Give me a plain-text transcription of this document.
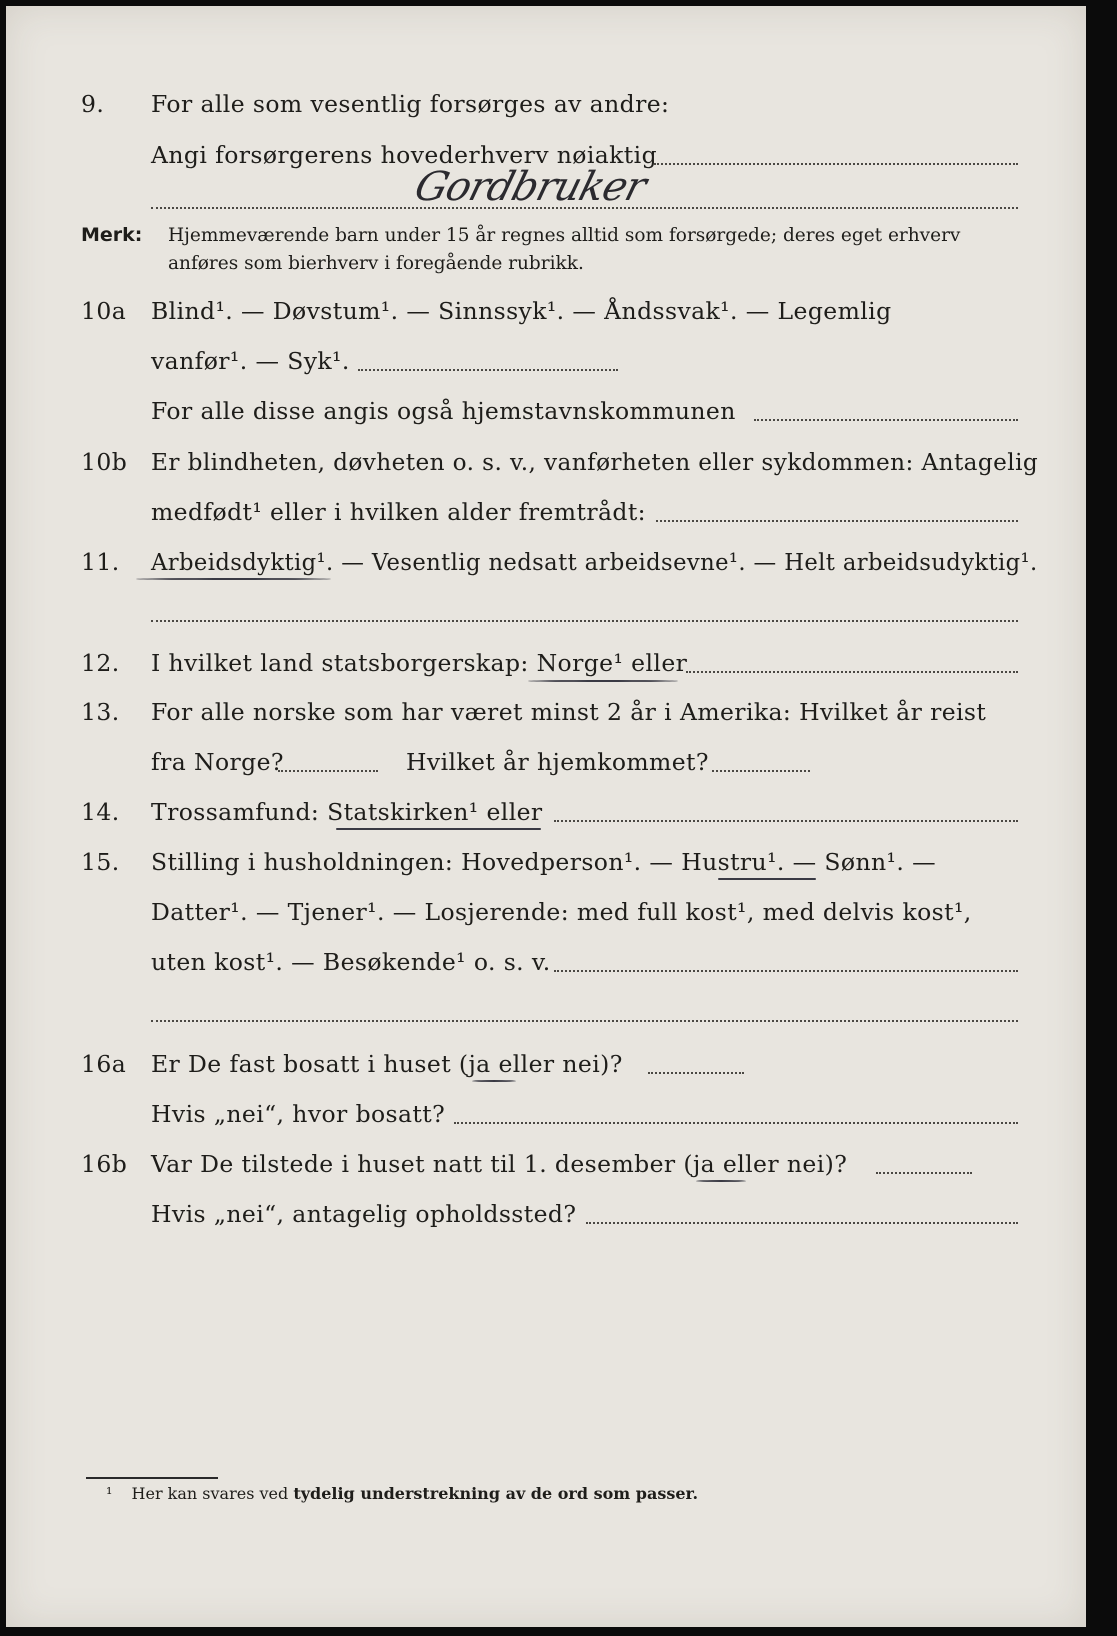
9. For alle som vesentlig forsørges av andre:
Angi forsørgerens hovederhverv nøiaktig
Gordbruker
Merk: Hjemmeværende barn under 15 år regnes alltid som forsørgede; deres eget erhverv
anføres som bierhverv i foregående rubrikk.
10a Blind¹. — Døvstum¹. — Sinnssyk¹. — Åndssvak¹. — Legemlig
vanfør¹. — Syk¹.
For alle disse angis også hjemstavnskommunen
10b Er blindheten, døvheten o. s. v., vanførheten eller sykdommen: Antagelig
medfødt¹ eller i hvilken alder fremtrådt:
11. Arbeidsdyktig¹. — Vesentlig nedsatt arbeidsevne¹. — Helt arbeidsudyktig¹.
12. I hvilket land statsborgerskap: Norge¹ eller
13. For alle norske som har været minst 2 år i Amerika: Hvilket år reist
fra Norge?	Hvilket år hjemkommet?
14. Trossamfund: Statskirken¹ eller
15. Stilling i husholdningen: Hovedperson¹. — Hustru¹. — Sønn¹. —
Datter¹. — Tjener¹. — Losjerende: med full kost¹, med delvis kost¹,
uten kost¹. — Besøkende¹ o. s. v.
16a Er De fast bosatt i huset (ja eller nei)?
Hvis „nei“, hvor bosatt?
16b Var De tilstede i huset natt til 1. desember (ja eller nei)?
Hvis „nei“, antagelig opholdssted?
¹ Her kan svares ved tydelig understrekning av de ord som passer.
